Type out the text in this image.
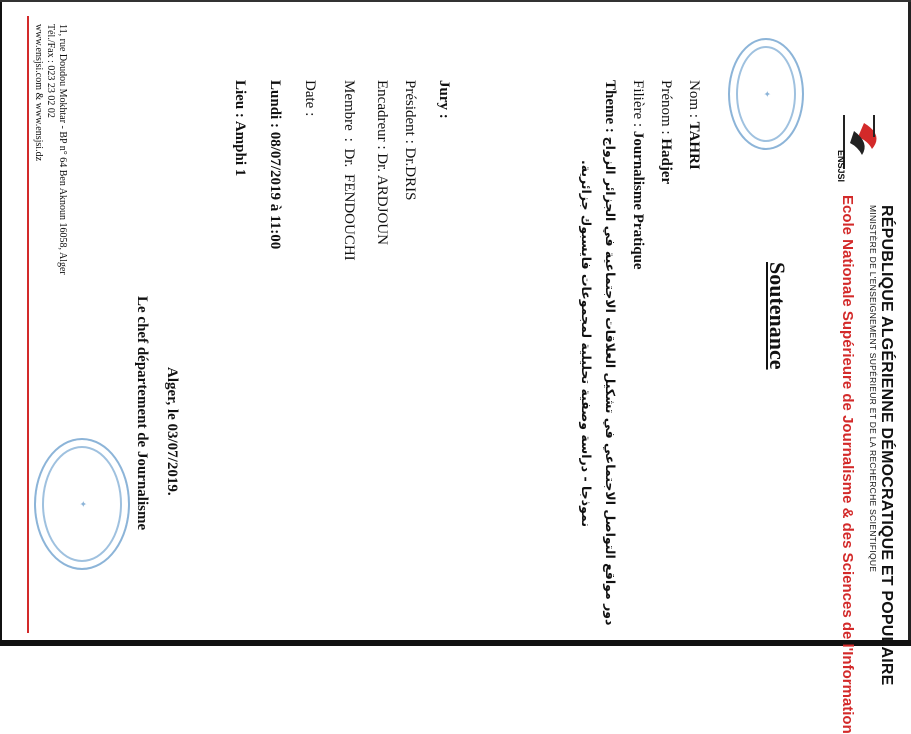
RÉPUBLIQUE ALGÉRIENNE DÉMOCRATIQUE ET POPULAIRE
MINISTÈRE DE L'ENSEIGNEMENT SUPÉRIEUR ET DE LA RECHERCHE SCIENTIFIQUE
Ecole Nationale Supérieure de Journalisme & des Sciences de l'Information
ENSJSI
✦
Soutenance
Nom : TAHRI
Prénom : Hadjer
Filière : Journalisme Pratique
Theme : دور مواقع التواصل الاجتماعي في تشكيل العلاقات الاجتماعية في الجزائر الزواج
نموذجا - دراسة وصفية تحليلية لمجموعات فايسبوك جزائرية.
Jury :
Président : Dr.DRIS
Encadreur : Dr. ARDJOUN
Membre : Dr. FENDOUCHI
Date :
Lundi : 08/07/2019 à 11:00
Lieu : Amphi 1
Alger, le 03/07/2019.
Le chef département de Journalisme
✦
11, rue Doudou Mokhtar - BP n° 64 Ben Aknoun 16058, Alger
Tél./Fax : 023 23 02 02
www.ensjsi.com & www.ensjsi.dz
